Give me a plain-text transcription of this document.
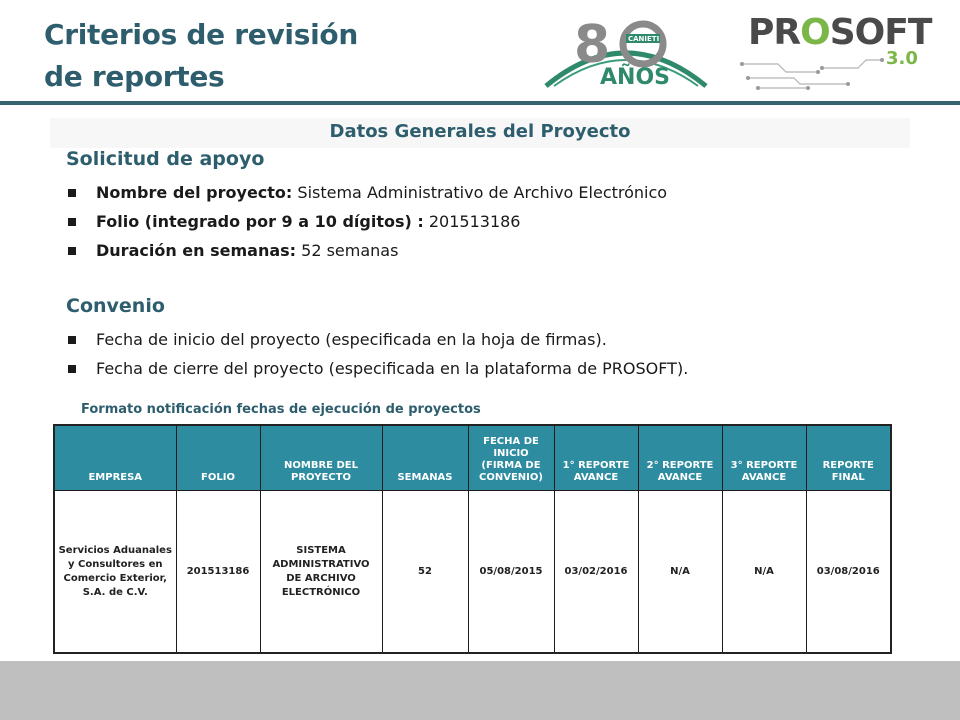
Criterios de revisión
de reportes
CANIETI
8
AÑOS
PROSOFT
3.0
Datos Generales del Proyecto
Solicitud de apoyo
Nombre del proyecto: Sistema Administrativo de Archivo Electrónico
Folio (integrado por 9 a 10 dígitos) : 201513186
Duración en semanas: 52 semanas
Convenio
Fecha de inicio del proyecto (especificada en la hoja de firmas).
Fecha de cierre del proyecto (especificada en la plataforma de PROSOFT).
Formato notificación fechas de ejecución de proyectos
EMPRESA	FOLIO	NOMBRE DEL PROYECTO	SEMANAS	FECHA DE INICIO (FIRMA DE CONVENIO)	1° REPORTE AVANCE	2° REPORTE AVANCE	3° REPORTE AVANCE	REPORTE FINAL
Servicios Aduanales y Consultores en Comercio Exterior, S.A. de C.V.	201513186	SISTEMA ADMINISTRATIVO DE ARCHIVO ELECTRÓNICO	52	05/08/2015	03/02/2016	N/A	N/A	03/08/2016
